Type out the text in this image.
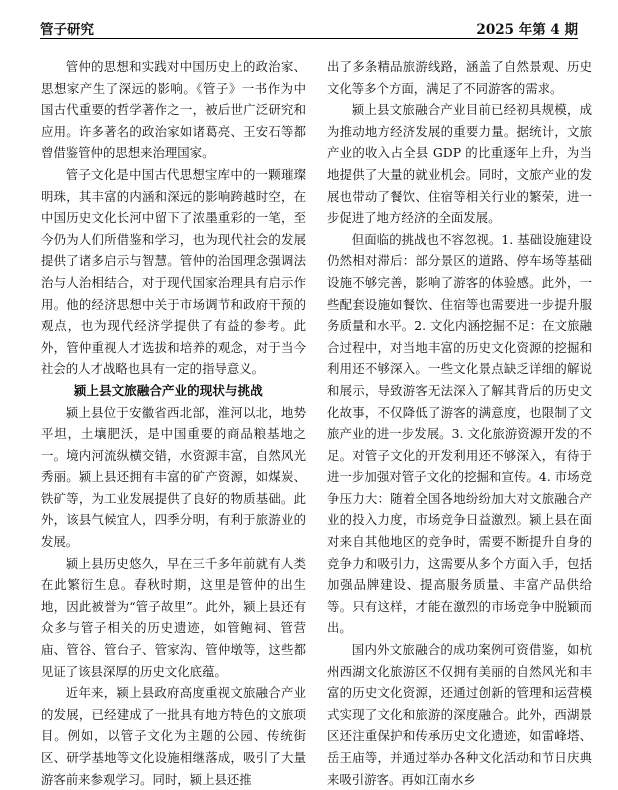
管子研究	2025 年第 4 期

管仲的思想和实践对中国历史上的政治家、思想家产生了深远的影响。《管子》一书作为中国古代重要的哲学著作之一，被后世广泛研究和应用。许多著名的政治家如诸葛亮、王安石等都曾借鉴管仲的思想来治理国家。

管子文化是中国古代思想宝库中的一颗璀璨明珠，其丰富的内涵和深远的影响跨越时空，在中国历史文化长河中留下了浓墨重彩的一笔，至今仍为人们所借鉴和学习，也为现代社会的发展提供了诸多启示与智慧。管仲的治国理念强调法治与人治相结合，对于现代国家治理具有启示作用。他的经济思想中关于市场调节和政府干预的观点，也为现代经济学提供了有益的参考。此外，管仲重视人才选拔和培养的观念，对于当今社会的人才战略也具有一定的指导意义。

颍上县文旅融合产业的现状与挑战

颍上县位于安徽省西北部，淮河以北，地势平坦，土壤肥沃，是中国重要的商品粮基地之一。境内河流纵横交错，水资源丰富，自然风光秀丽。颍上县还拥有丰富的矿产资源，如煤炭、铁矿等，为工业发展提供了良好的物质基础。此外，该县气候宜人，四季分明，有利于旅游业的发展。

颍上县历史悠久，早在三千多年前就有人类在此繁衍生息。春秋时期，这里是管仲的出生地，因此被誉为“管子故里”。此外，颍上县还有众多与管子相关的历史遗迹，如管鲍祠、管营庙、管谷、管台子、管家沟、管仲墩等，这些都见证了该县深厚的历史文化底蕴。

近年来，颍上县政府高度重视文旅融合产业的发展，已经建成了一批具有地方特色的文旅项目。例如，以管子文化为主题的公园、传统街区、研学基地等文化设施相继落成，吸引了大量游客前来参观学习。同时，颍上县还推

出了多条精品旅游线路，涵盖了自然景观、历史文化等多个方面，满足了不同游客的需求。

颍上县文旅融合产业目前已经初具规模，成为推动地方经济发展的重要力量。据统计，文旅产业的收入占全县 GDP 的比重逐年上升，为当地提供了大量的就业机会。同时，文旅产业的发展也带动了餐饮、住宿等相关行业的繁荣，进一步促进了地方经济的全面发展。

但面临的挑战也不容忽视。1. 基础设施建设仍然相对滞后：部分景区的道路、停车场等基础设施不够完善，影响了游客的体验感。此外，一些配套设施如餐饮、住宿等也需要进一步提升服务质量和水平。2. 文化内涵挖掘不足：在文旅融合过程中，对当地丰富的历史文化资源的挖掘和利用还不够深入。一些文化景点缺乏详细的解说和展示，导致游客无法深入了解其背后的历史文化故事，不仅降低了游客的满意度，也限制了文旅产业的进一步发展。3. 文化旅游资源开发的不足。对管子文化的开发利用还不够深入，有待于进一步加强对管子文化的挖掘和宣传。4. 市场竞争压力大：随着全国各地纷纷加大对文旅融合产业的投入力度，市场竞争日益激烈。颍上县在面对来自其他地区的竞争时，需要不断提升自身的竞争力和吸引力，这需要从多个方面入手，包括加强品牌建设、提高服务质量、丰富产品供给等。只有这样，才能在激烈的市场竞争中脱颖而出。

国内外文旅融合的成功案例可资借鉴，如杭州西湖文化旅游区不仅拥有美丽的自然风光和丰富的历史文化资源，还通过创新的管理和运营模式实现了文化和旅游的深度融合。此外，西湖景区还注重保护和传承历史文化遗迹，如雷峰塔、岳王庙等，并通过举办各种文化活动和节日庆典来吸引游客。再如江南水乡
